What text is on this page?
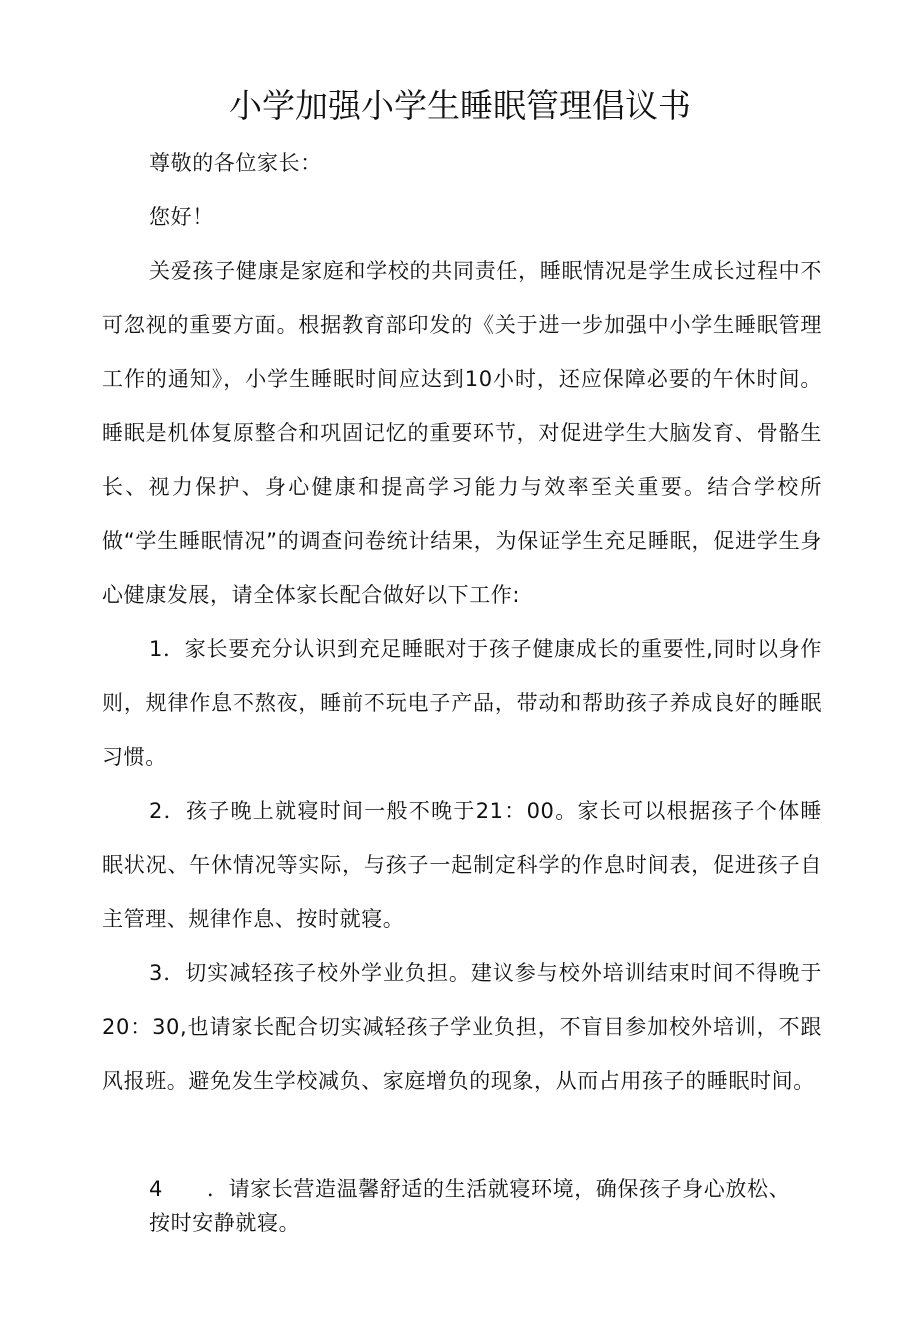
小学加强小学生睡眠管理倡议书

尊敬的各位家长：

您好！

关爱孩子健康是家庭和学校的共同责任，睡眠情况是学生成长过程中不可忽视的重要方面。根据教育部印发的《关于进一步加强中小学生睡眠管理工作的通知》，小学生睡眠时间应达到10小时，还应保障必要的午休时间。睡眠是机体复原整合和巩固记忆的重要环节，对促进学生大脑发育、骨骼生长、视力保护、身心健康和提高学习能力与效率至关重要。结合学校所做“学生睡眠情况”的调查问卷统计结果，为保证学生充足睡眠，促进学生身心健康发展，请全体家长配合做好以下工作:

1．家长要充分认识到充足睡眠对于孩子健康成长的重要性,同时以身作则，规律作息不熬夜，睡前不玩电子产品，带动和帮助孩子养成良好的睡眠习惯。

2．孩子晚上就寝时间一般不晚于21：00。家长可以根据孩子个体睡眠状况、午休情况等实际，与孩子一起制定科学的作息时间表，促进孩子自主管理、规律作息、按时就寝。

3．切实减轻孩子校外学业负担。建议参与校外培训结束时间不得晚于20：30,也请家长配合切实减轻孩子学业负担，不盲目参加校外培训，不跟风报班。避免发生学校减负、家庭增负的现象，从而占用孩子的睡眠时间。

4 ．请家长营造温馨舒适的生活就寝环境，确保孩子身心放松、
按时安静就寝。
